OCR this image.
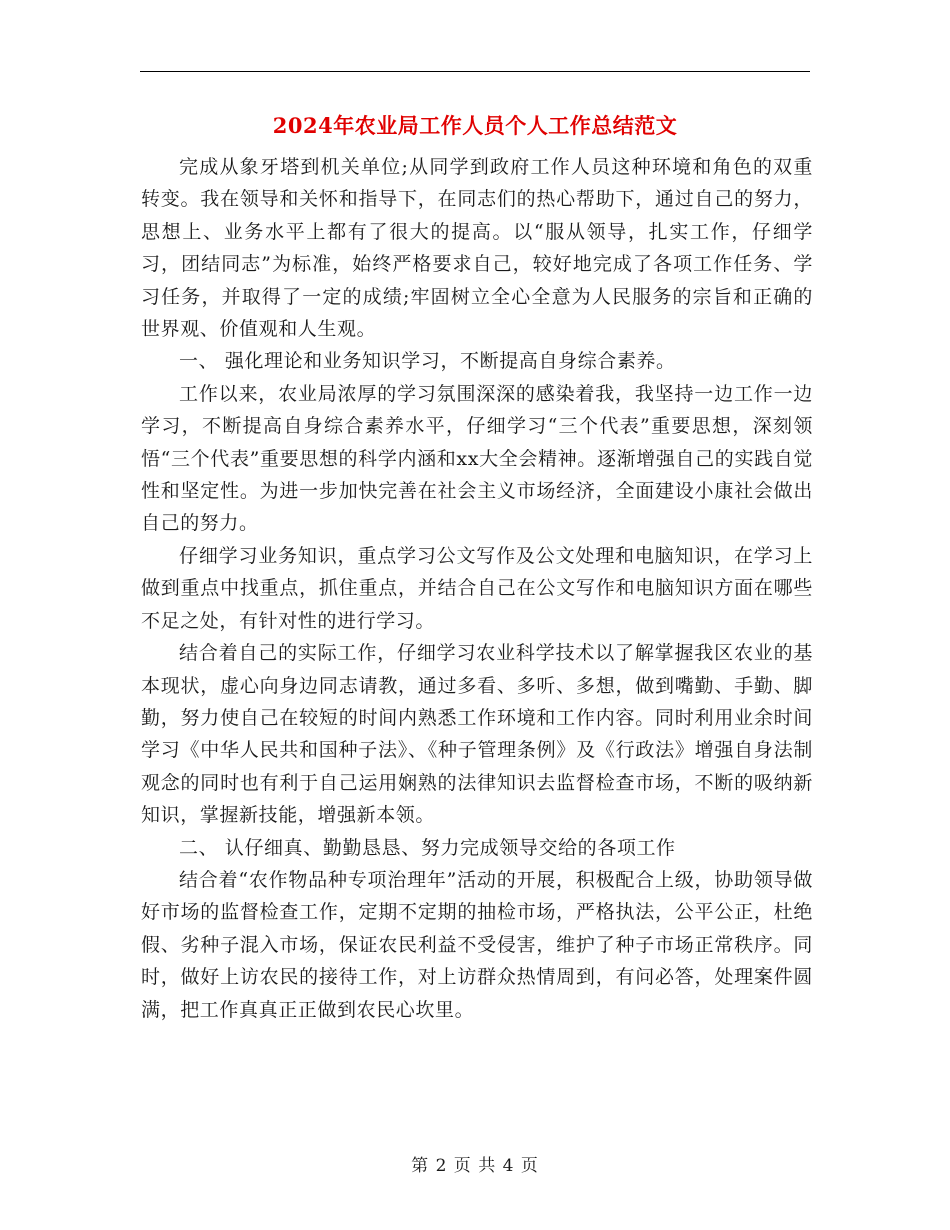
2024年农业局工作人员个人工作总结范文

完成从象牙塔到机关单位;从同学到政府工作人员这种环境和角色的双重转变。我在领导和关怀和指导下，在同志们的热心帮助下，通过自己的努力，思想上、业务水平上都有了很大的提高。以“服从领导，扎实工作，仔细学习，团结同志”为标准，始终严格要求自己，较好地完成了各项工作任务、学习任务，并取得了一定的成绩;牢固树立全心全意为人民服务的宗旨和正确的世界观、价值观和人生观。

一、 强化理论和业务知识学习，不断提高自身综合素养。

工作以来，农业局浓厚的学习氛围深深的感染着我，我坚持一边工作一边学习，不断提高自身综合素养水平，仔细学习“三个代表”重要思想，深刻领悟“三个代表”重要思想的科学内涵和xx大全会精神。逐渐增强自己的实践自觉性和坚定性。为进一步加快完善在社会主义市场经济，全面建设小康社会做出自己的努力。

仔细学习业务知识，重点学习公文写作及公文处理和电脑知识，在学习上做到重点中找重点，抓住重点，并结合自己在公文写作和电脑知识方面在哪些不足之处，有针对性的进行学习。

结合着自己的实际工作，仔细学习农业科学技术以了解掌握我区农业的基本现状，虚心向身边同志请教，通过多看、多听、多想，做到嘴勤、手勤、脚勤，努力使自己在较短的时间内熟悉工作环境和工作内容。同时利用业余时间学习《中华人民共和国种子法》、《种子管理条例》及《行政法》增强自身法制观念的同时也有利于自己运用娴熟的法律知识去监督检查市场，不断的吸纳新知识，掌握新技能，增强新本领。

二、 认仔细真、勤勤恳恳、努力完成领导交给的各项工作

结合着“农作物品种专项治理年”活动的开展，积极配合上级，协助领导做好市场的监督检查工作，定期不定期的抽检市场，严格执法，公平公正，杜绝假、劣种子混入市场，保证农民利益不受侵害，维护了种子市场正常秩序。同时，做好上访农民的接待工作，对上访群众热情周到，有问必答，处理案件圆满，把工作真真正正做到农民心坎里。

第 2 页 共 4 页
